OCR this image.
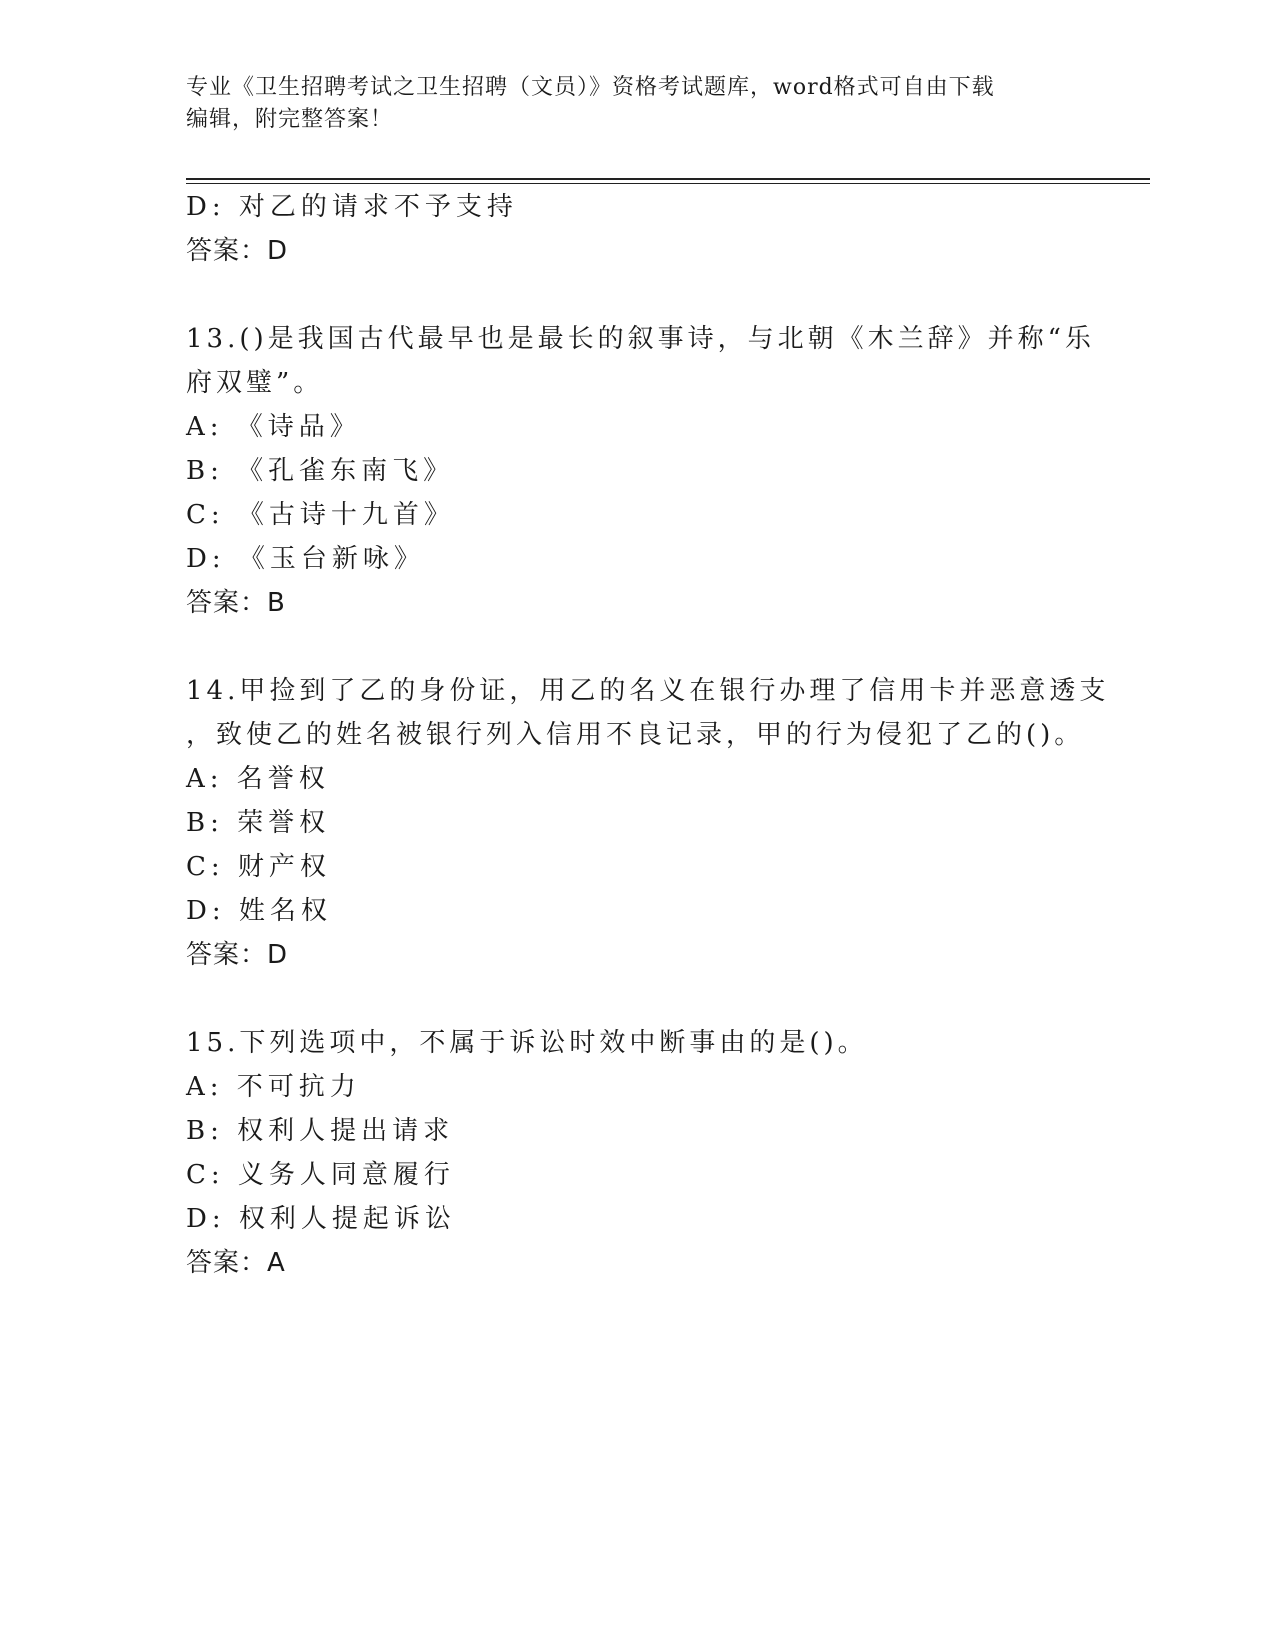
专业《卫生招聘考试之卫生招聘（文员）》资格考试题库，word格式可自由下载
编辑，附完整答案！
D: 对乙的请求不予支持
答案：D
13.()是我国古代最早也是最长的叙事诗，与北朝《木兰辞》并称“乐
府双璧”。
A: 《诗品》
B: 《孔雀东南飞》
C: 《古诗十九首》
D: 《玉台新咏》
答案：B
14.甲捡到了乙的身份证，用乙的名义在银行办理了信用卡并恶意透支
，致使乙的姓名被银行列入信用不良记录，甲的行为侵犯了乙的()。
A: 名誉权
B: 荣誉权
C: 财产权
D: 姓名权
答案：D
15.下列选项中，不属于诉讼时效中断事由的是()。
A: 不可抗力
B: 权利人提出请求
C: 义务人同意履行
D: 权利人提起诉讼
答案：A
